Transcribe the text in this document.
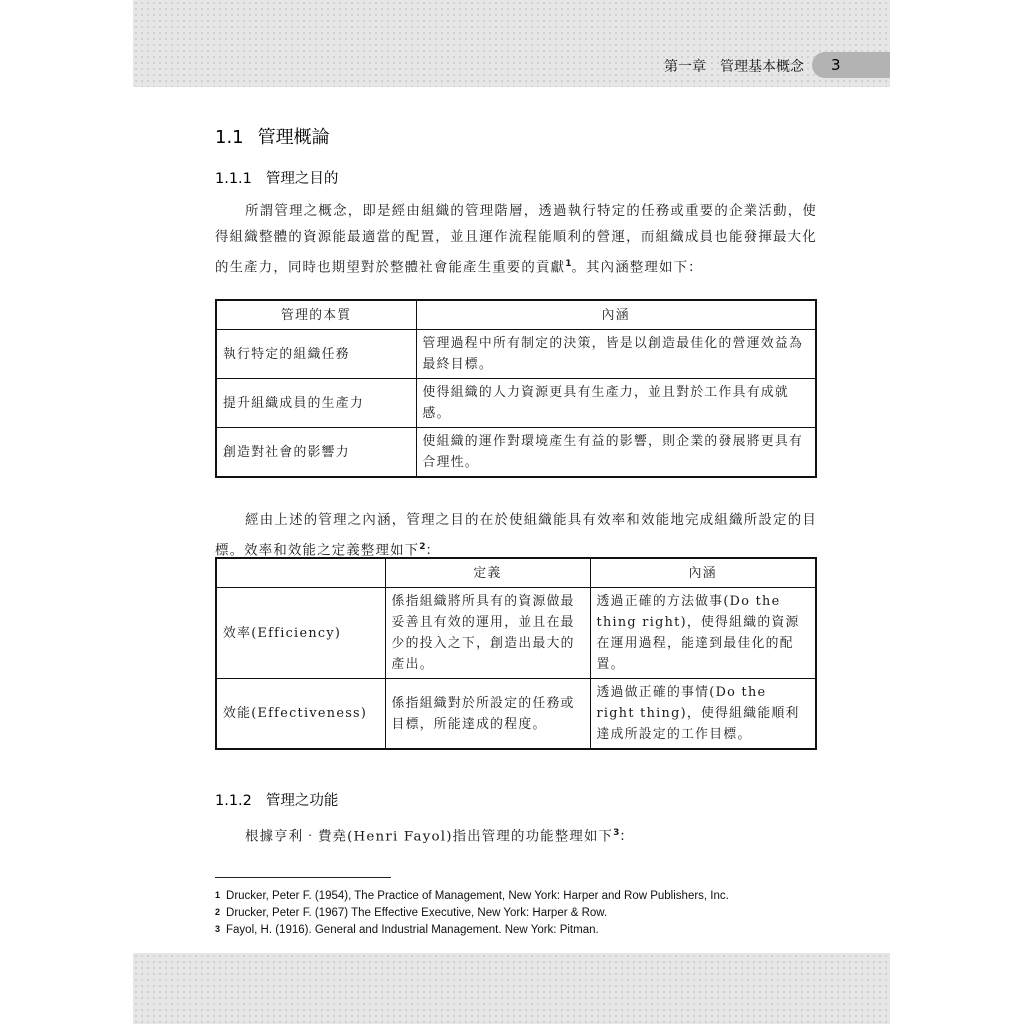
第一章 管理基本概念 3
1.1 管理概論
1.1.1 管理之目的

所謂管理之概念，即是經由組織的管理階層，透過執行特定的任務或重要的企業活動，使得組織整體的資源能最適當的配置，並且運作流程能順利的營運，而組織成員也能發揮最大化的生產力，同時也期望對於整體社會能產生重要的貢獻$^1$。其內涵整理如下：

管理的本質	內涵
執行特定的組織任務	管理過程中所有制定的決策，皆是以創造最佳化的營運效益為最終目標。
提升組織成員的生產力	使得組織的人力資源更具有生產力，並且對於工作具有成就感。
創造對社會的影響力	使組織的運作對環境產生有益的影響，則企業的發展將更具有合理性。

經由上述的管理之內涵，管理之目的在於使組織能具有效率和效能地完成組織所設定的目標。效率和效能之定義整理如下$^2$：

	定義	內涵
效率(Efficiency)	係指組織將所具有的資源做最妥善且有效的運用，並且在最少的投入之下，創造出最大的產出。	透過正確的方法做事(Do the thing right)，使得組織的資源在運用過程，能達到最佳化的配置。
效能(Effectiveness)	係指組織對於所設定的任務或目標，所能達成的程度。	透過做正確的事情(Do the right thing)，使得組織能順利達成所設定的工作目標。
1.1.2 管理之功能

根據亨利‧費堯(Henri Fayol)指出管理的功能整理如下$^3$：

1 Drucker, Peter F. (1954), The Practice of Management, New York: Harper and Row Publishers, Inc.
2 Drucker, Peter F. (1967) The Effective Executive, New York: Harper & Row.
3 Fayol, H. (1916). General and Industrial Management. New York: Pitman.
